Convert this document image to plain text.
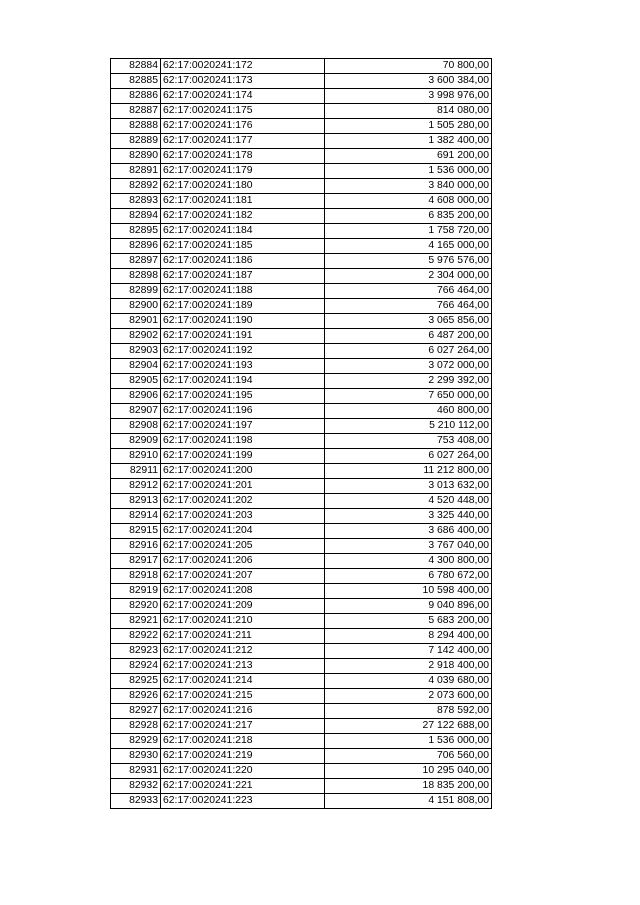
82884	62:17:0020241:172	70 800,00
82885	62:17:0020241:173	3 600 384,00
82886	62:17:0020241:174	3 998 976,00
82887	62:17:0020241:175	814 080,00
82888	62:17:0020241:176	1 505 280,00
82889	62:17:0020241:177	1 382 400,00
82890	62:17:0020241:178	691 200,00
82891	62:17:0020241:179	1 536 000,00
82892	62:17:0020241:180	3 840 000,00
82893	62:17:0020241:181	4 608 000,00
82894	62:17:0020241:182	6 835 200,00
82895	62:17:0020241:184	1 758 720,00
82896	62:17:0020241:185	4 165 000,00
82897	62:17:0020241:186	5 976 576,00
82898	62:17:0020241:187	2 304 000,00
82899	62:17:0020241:188	766 464,00
82900	62:17:0020241:189	766 464,00
82901	62:17:0020241:190	3 065 856,00
82902	62:17:0020241:191	6 487 200,00
82903	62:17:0020241:192	6 027 264,00
82904	62:17:0020241:193	3 072 000,00
82905	62:17:0020241:194	2 299 392,00
82906	62:17:0020241:195	7 650 000,00
82907	62:17:0020241:196	460 800,00
82908	62:17:0020241:197	5 210 112,00
82909	62:17:0020241:198	753 408,00
82910	62:17:0020241:199	6 027 264,00
82911	62:17:0020241:200	11 212 800,00
82912	62:17:0020241:201	3 013 632,00
82913	62:17:0020241:202	4 520 448,00
82914	62:17:0020241:203	3 325 440,00
82915	62:17:0020241:204	3 686 400,00
82916	62:17:0020241:205	3 767 040,00
82917	62:17:0020241:206	4 300 800,00
82918	62:17:0020241:207	6 780 672,00
82919	62:17:0020241:208	10 598 400,00
82920	62:17:0020241:209	9 040 896,00
82921	62:17:0020241:210	5 683 200,00
82922	62:17:0020241:211	8 294 400,00
82923	62:17:0020241:212	7 142 400,00
82924	62:17:0020241:213	2 918 400,00
82925	62:17:0020241:214	4 039 680,00
82926	62:17:0020241:215	2 073 600,00
82927	62:17:0020241:216	878 592,00
82928	62:17:0020241:217	27 122 688,00
82929	62:17:0020241:218	1 536 000,00
82930	62:17:0020241:219	706 560,00
82931	62:17:0020241:220	10 295 040,00
82932	62:17:0020241:221	18 835 200,00
82933	62:17:0020241:223	4 151 808,00
